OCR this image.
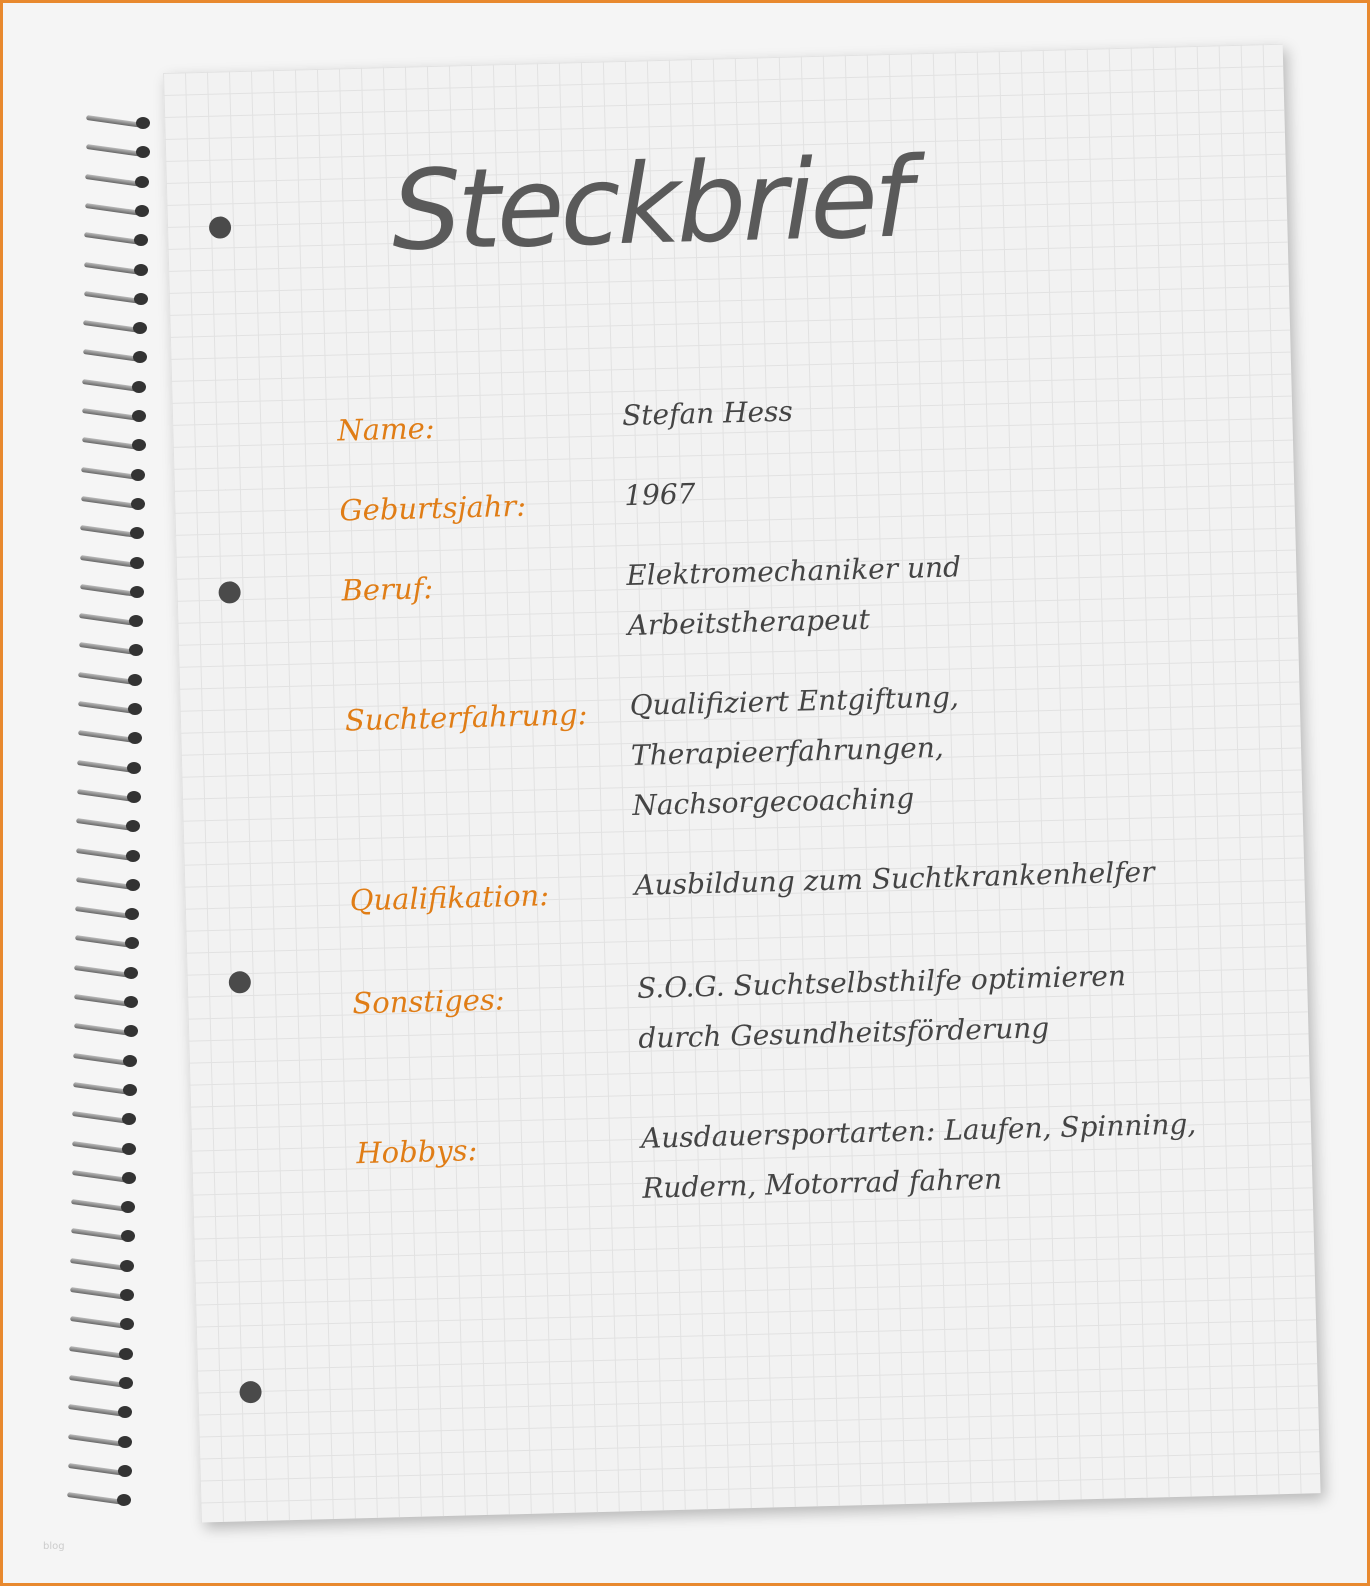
Steckbrief
Name:	Stefan Hess
Geburtsjahr:	1967
Beruf:	Elektromechaniker und
Arbeitstherapeut
Suchterfahrung: Qualifiziert Entgiftung,
Therapieerfahrungen,
Nachsorgecoaching
Qualifikation:	Ausbildung zum Suchtkrankenhelfer
Sonstiges:	S.O.G. Suchtselbsthilfe optimieren
durch Gesundheitsförderung
Hobbys:	Ausdauersportarten: Laufen, Spinning,
Rudern, Motorrad fahren
blog
